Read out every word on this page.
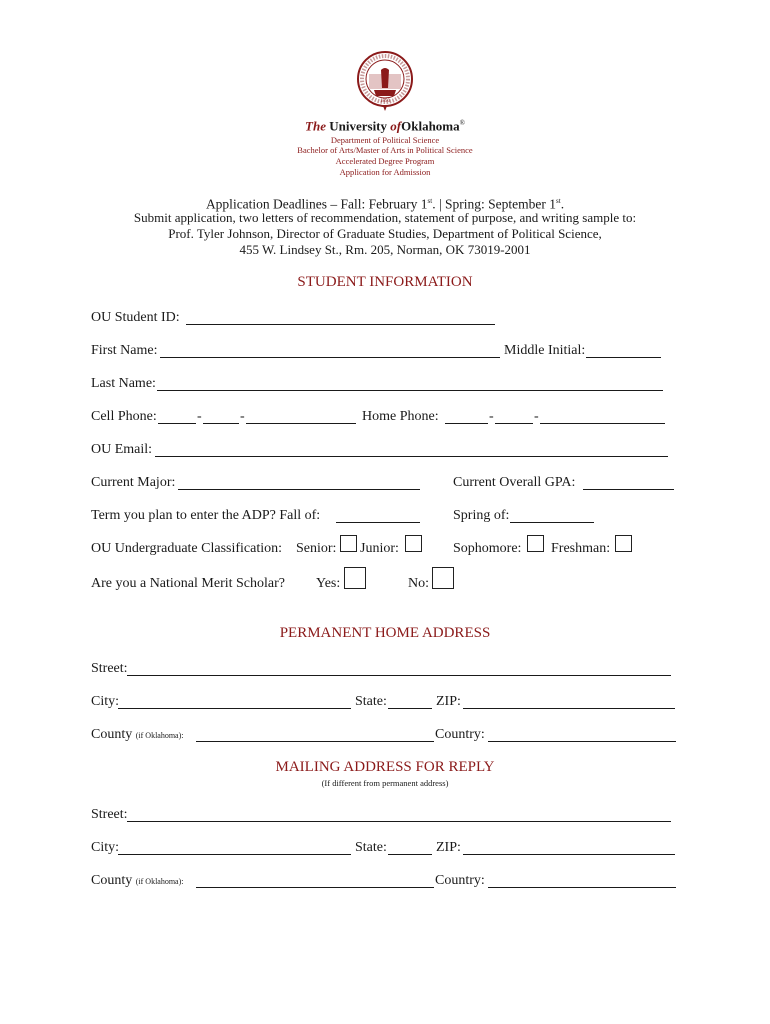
1890
The University ofOklahoma®
Department of Political Science
Bachelor of Arts/Master of Arts in Political Science
Accelerated Degree Program
Application for Admission
Application Deadlines – Fall: February 1st. | Spring: September 1st.
Submit application, two letters of recommendation, statement of purpose, and writing sample to:
Prof. Tyler Johnson, Director of Graduate Studies, Department of Political Science,
455 W. Lindsey St., Rm. 205, Norman, OK 73019-2001
STUDENT INFORMATION
OU Student ID:
First Name:	Middle Initial:
Last Name:
Cell Phone:	-	-	Home Phone:	-	-
OU Email:
Current Major:	Current Overall GPA:
Term you plan to enter the ADP? Fall of:	Spring of:
OU Undergraduate Classification: Senior: Junior:	Sophomore: Freshman:
Are you a National Merit Scholar? Yes:	No:
PERMANENT HOME ADDRESS
Street:
City:	State:	ZIP:
County (if Oklahoma):	Country:
MAILING ADDRESS FOR REPLY
(If different from permanent address)
Street:
City:	State:	ZIP:
County (if Oklahoma):	Country:
